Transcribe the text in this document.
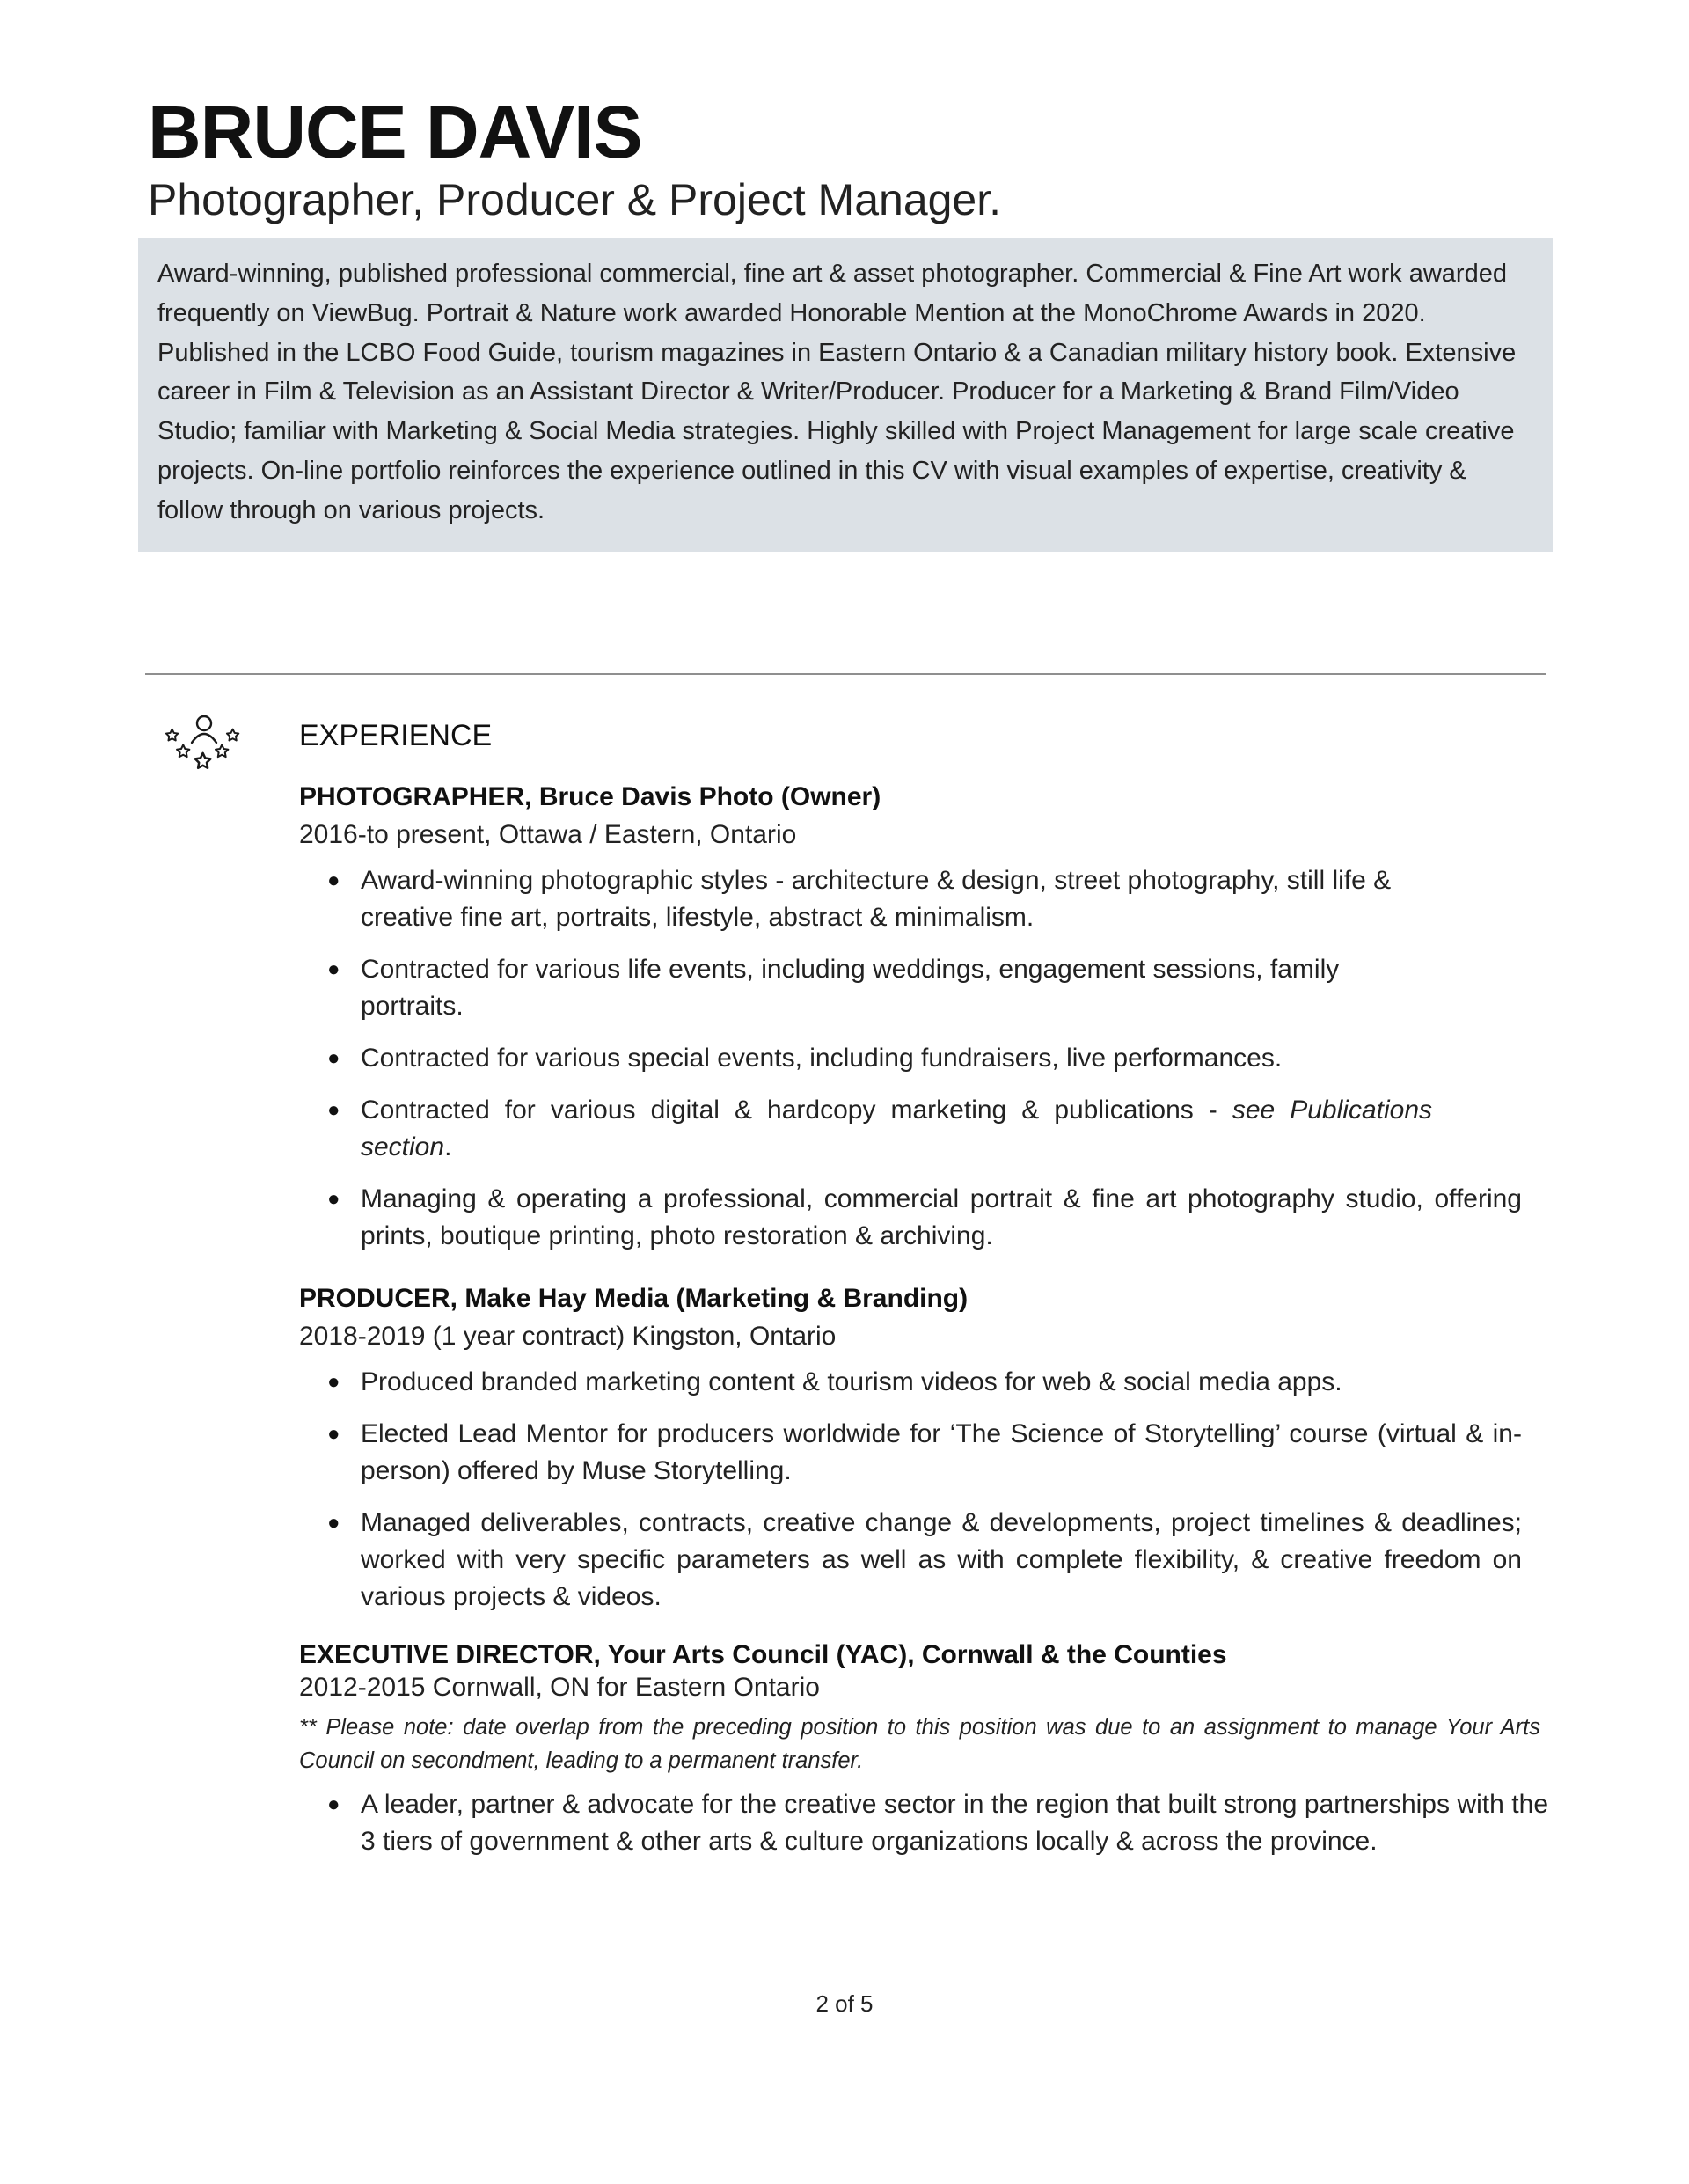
BRUCE DAVIS
Photographer, Producer & Project Manager.

Award-winning, published professional commercial, fine art & asset photographer. Commercial & Fine Art work awarded frequently on ViewBug. Portrait & Nature work awarded Honorable Mention at the MonoChrome Awards in 2020. Published in the LCBO Food Guide, tourism magazines in Eastern Ontario & a Canadian military history book. Extensive career in Film & Television as an Assistant Director & Writer/Producer. Producer for a Marketing & Brand Film/Video Studio; familiar with Marketing & Social Media strategies. Highly skilled with Project Management for large scale creative projects. On-line portfolio reinforces the experience outlined in this CV with visual examples of expertise, creativity & follow through on various projects.

EXPERIENCE

PHOTOGRAPHER, Bruce Davis Photo (Owner)

2016-to present, Ottawa / Eastern, Ontario

● Award-winning photographic styles - architecture & design, street photography, still life & creative fine art, portraits, lifestyle, abstract & minimalism.
● Contracted for various life events, including weddings, engagement sessions, family portraits.
● Contracted for various special events, including fundraisers, live performances.
● Contracted for various digital & hardcopy marketing & publications - see Publications section.
● Managing & operating a professional, commercial portrait & fine art photography studio, offering prints, boutique printing, photo restoration & archiving.

PRODUCER, Make Hay Media (Marketing & Branding)

2018-2019 (1 year contract) Kingston, Ontario

● Produced branded marketing content & tourism videos for web & social media apps.
● Elected Lead Mentor for producers worldwide for ‘The Science of Storytelling’ course (virtual & in-person) offered by Muse Storytelling.
● Managed deliverables, contracts, creative change & developments, project timelines & deadlines; worked with very specific parameters as well as with complete flexibility, & creative freedom on various projects & videos.

EXECUTIVE DIRECTOR, Your Arts Council (YAC), Cornwall & the Counties

2012-2015 Cornwall, ON for Eastern Ontario

** Please note: date overlap from the preceding position to this position was due to an assignment to manage Your Arts Council on secondment, leading to a permanent transfer.

● A leader, partner & advocate for the creative sector in the region that built strong partnerships with the 3 tiers of government & other arts & culture organizations locally & across the province.

2 of 5
